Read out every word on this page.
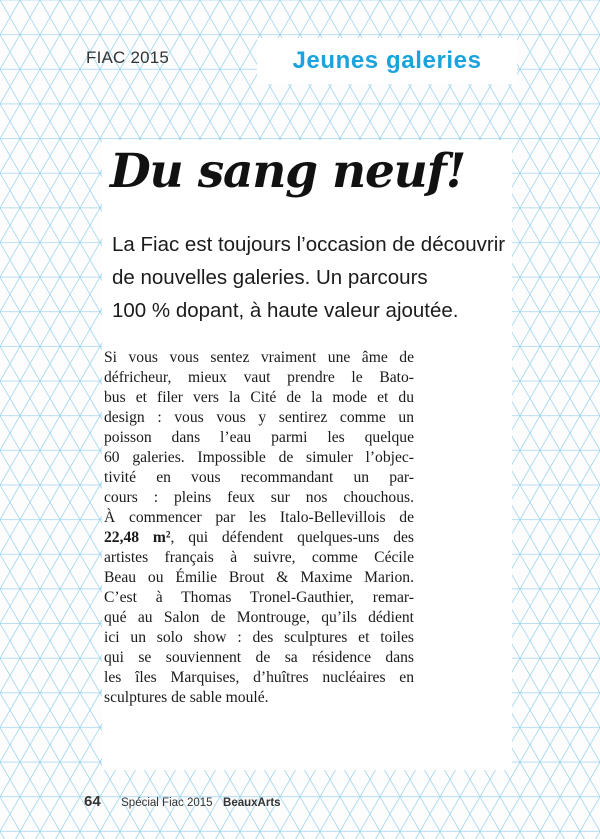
FIAC 2015	Jeunes galeries
Du sang neuf!
La Fiac est toujours l’occasion de découvrir
de nouvelles galeries. Un parcours
100 % dopant, à haute valeur ajoutée.
Si vous vous sentez vraiment une âme de
défricheur, mieux vaut prendre le Bato-
bus et filer vers la Cité de la mode et du
design : vous vous y sentirez comme un
poisson dans l’eau parmi les quelque
60 galeries. Impossible de simuler l’objec-
tivité en vous recommandant un par-
cours : pleins feux sur nos chouchous.
À commencer par les Italo-Bellevillois de
22,48 m², qui défendent quelques-uns des
artistes français à suivre, comme Cécile
Beau ou Émilie Brout & Maxime Marion.
C’est à Thomas Tronel-Gauthier, remar-
qué au Salon de Montrouge, qu’ils dédient
ici un solo show : des sculptures et toiles
qui se souviennent de sa résidence dans
les îles Marquises, d’huîtres nucléaires en
sculptures de sable moulé.
64 Spécial Fiac 2015 BeauxArts
